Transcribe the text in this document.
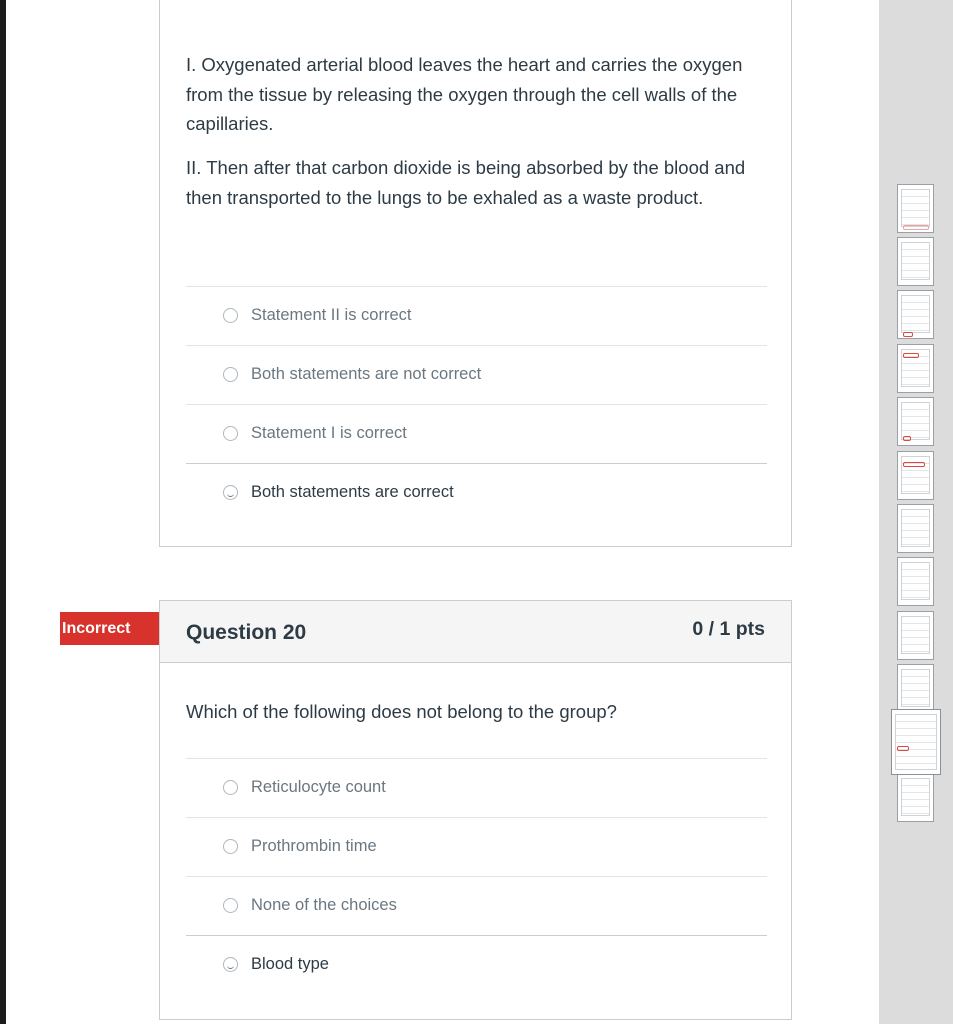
I. Oxygenated arterial blood leaves the heart and carries the oxygen from the tissue by releasing the oxygen through the cell walls of the capillaries.

II. Then after that carbon dioxide is being absorbed by the blood and then transported to the lungs to be exhaled as a waste product.

Statement II is correct
Both statements are not correct
Statement I is correct
Both statements are correct
Incorrect	Question 20	0 / 1 pts
Which of the following does not belong to the group?
Reticulocyte count
Prothrombin time
None of the choices
Blood type
